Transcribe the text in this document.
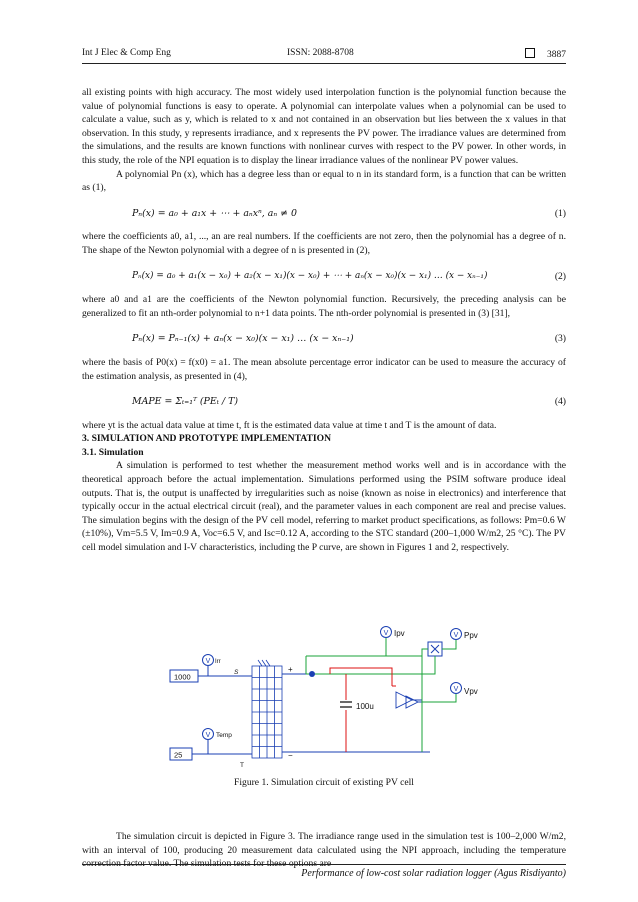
Int J Elec & Comp Eng	ISSN: 2088-8708	3887

all existing points with high accuracy. The most widely used interpolation function is the polynomial function because the value of polynomial functions is easy to operate. A polynomial can interpolate values when a polynomial can be used to calculate a value, such as y, which is related to x and not contained in an observation but lies between the x values in that observation. In this study, y represents irradiance, and x represents the PV power. The irradiance values are determined from the simulations, and the results are known functions with nonlinear curves with respect to the PV power. In other words, in this study, the role of the NPI equation is to display the linear irradiance values of the nonlinear PV power values.

A polynomial Pn (x), which has a degree less than or equal to n in its standard form, is a function that can be written as (1),

Pₙ(x) = a₀ + a₁x + ⋯ + aₙxⁿ, aₙ ≠ 0	(1)

where the coefficients a0, a1, ..., an are real numbers. If the coefficients are not zero, then the polynomial has a degree of n. The shape of the Newton polynomial with a degree of n is presented in (2),

Pₙ(x) = a₀ + a₁(x − x₀) + a₂(x − x₁)(x − x₀) + ⋯ + aₙ(x − x₀)(x − x₁) … (x − xₙ₋₁)	(2)

where a0 and a1 are the coefficients of the Newton polynomial function. Recursively, the preceding analysis can be generalized to fit an nth-order polynomial to n+1 data points. The nth-order polynomial is presented in (3) [31],

Pₙ(x) = Pₙ₋₁(x) + aₙ(x − x₀)(x − x₁) … (x − xₙ₋₁)	(3)

where the basis of P0(x) = f(x0) = a1. The mean absolute percentage error indicator can be used to measure the accuracy of the estimation analysis, as presented in (4),

MAPE = Σₜ₌₁ᵀ (PEₜ / T)	(4)

where yt is the actual data value at time t, ft is the estimated data value at time t and T is the amount of data.

3. SIMULATION AND PROTOTYPE IMPLEMENTATION

3.1. Simulation

A simulation is performed to test whether the measurement method works well and is in accordance with the theoretical approach before the actual implementation. Simulations performed using the PSIM software produce ideal outputs. That is, the output is unaffected by irregularities such as noise (known as noise in electronics) and interference that typically occur in the actual electrical circuit (real), and the parameter values in each component are real and precise values. The simulation begins with the design of the PV cell model, referring to market product specifications, as follows: Pm=0.6 W (±10%), Vm=5.5 V, Im=0.9 A, Voc=6.5 V, and Isc=0.12 A, according to the STC standard (200–1,000 W/m2, 25 °C). The PV cell model simulation and I-V characteristics, including the P curve, are shown in Figures 1 and 2, respectively.

1000
25
V Irr
V Temp
S
T
+
−
100u
V Ipv	V Ppv
V Vpv
Figure 1. Simulation circuit of existing PV cell

The simulation circuit is depicted in Figure 3. The irradiance range used in the simulation test is 100–2,000 W/m2, with an interval of 100, producing 20 measurement data calculated using the NPI approach, including the temperature correction factor value. The simulation tests for these options are

Performance of low-cost solar radiation logger (Agus Risdiyanto)
